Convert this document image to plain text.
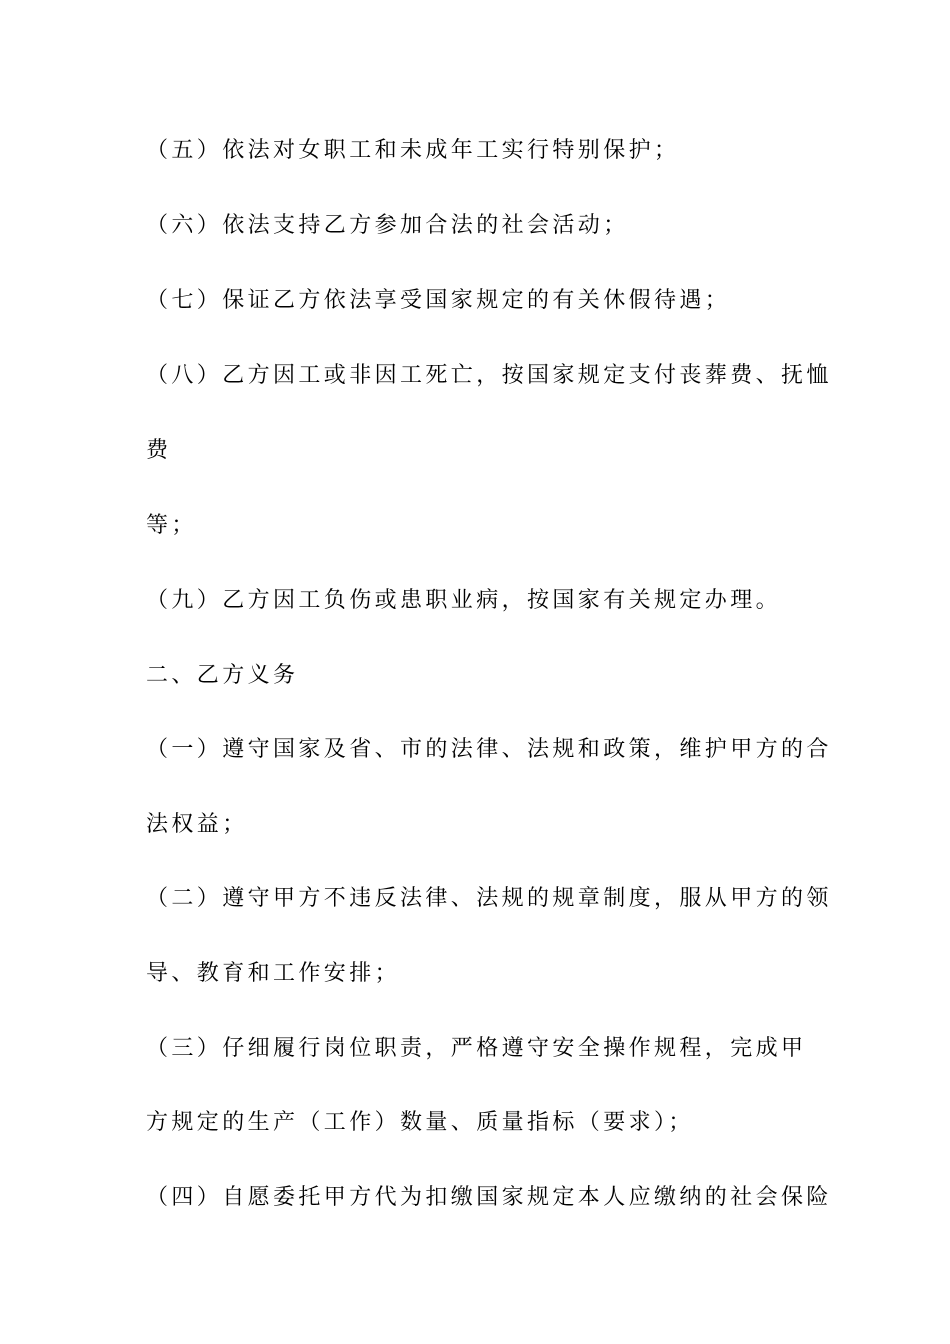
（五）依法对女职工和未成年工实行特别保护；
（六）依法支持乙方参加合法的社会活动；
（七）保证乙方依法享受国家规定的有关休假待遇；
（八）乙方因工或非因工死亡，按国家规定支付丧葬费、抚恤
费
等；
（九）乙方因工负伤或患职业病，按国家有关规定办理。
二、乙方义务
（一）遵守国家及省、市的法律、法规和政策，维护甲方的合
法权益；
（二）遵守甲方不违反法律、法规的规章制度，服从甲方的领
导、教育和工作安排；
（三）仔细履行岗位职责，严格遵守安全操作规程，完成甲
方规定的生产（工作）数量、质量指标（要求）；
（四）自愿委托甲方代为扣缴国家规定本人应缴纳的社会保险
